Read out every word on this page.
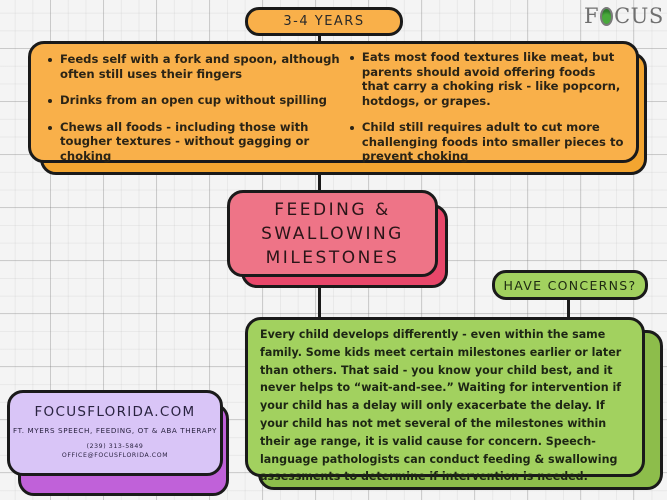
F CUS
3-4 YEARS
Feeds self with a fork and spoon, although often still uses their fingers
Drinks from an open cup without spilling
Chews all foods - including those with tougher textures - without gagging or choking
Eats most food textures like meat, but parents should avoid offering foods that carry a choking risk - like popcorn, hotdogs, or grapes.
Child still requires adult to cut more challenging foods into smaller pieces to prevent choking
FEEDING &
SWALLOWING
MILESTONES
HAVE CONCERNS?

Every child develops differently - even within the same family. Some kids meet certain milestones earlier or later than others. That said - you know your child best, and it never helps to “wait-and-see.” Waiting for intervention if your child has a delay will only exacerbate the delay. If your child has not met several of the milestones within their age range, it is valid cause for concern. Speech-language pathologists can conduct feeding & swallowing assessments to determine if intervention is needed.

FOCUSFLORIDA.COM
FT. MYERS SPEECH, FEEDING, OT & ABA THERAPY
(239) 313-5849
OFFICE@FOCUSFLORIDA.COM
